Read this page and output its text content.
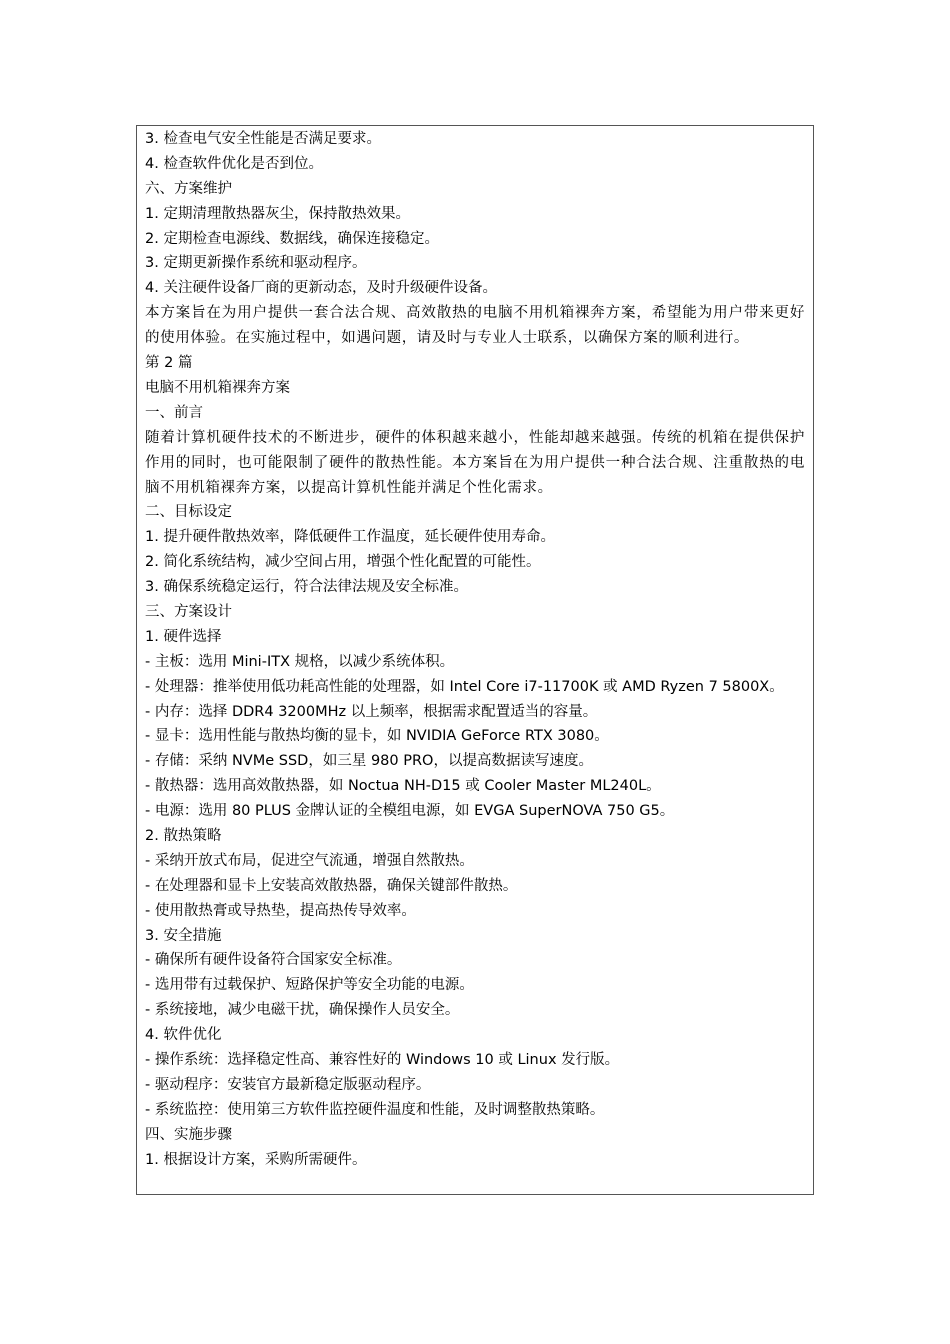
3. 检查电气安全性能是否满足要求。
4. 检查软件优化是否到位。
六、方案维护
1. 定期清理散热器灰尘，保持散热效果。
2. 定期检查电源线、数据线，确保连接稳定。
3. 定期更新操作系统和驱动程序。
4. 关注硬件设备厂商的更新动态，及时升级硬件设备。
本方案旨在为用户提供一套合法合规、高效散热的电脑不用机箱裸奔方案，希望能为用户带来更好的使用体验。在实施过程中，如遇问题，请及时与专业人士联系，以确保方案的顺利进行。
第 2 篇
电脑不用机箱裸奔方案
一、前言
随着计算机硬件技术的不断进步，硬件的体积越来越小，性能却越来越强。传统的机箱在提供保护作用的同时，也可能限制了硬件的散热性能。本方案旨在为用户提供一种合法合规、注重散热的电脑不用机箱裸奔方案，以提高计算机性能并满足个性化需求。
二、目标设定
1. 提升硬件散热效率，降低硬件工作温度，延长硬件使用寿命。
2. 简化系统结构，减少空间占用，增强个性化配置的可能性。
3. 确保系统稳定运行，符合法律法规及安全标准。
三、方案设计
1. 硬件选择
- 主板：选用 Mini-ITX 规格，以减少系统体积。
- 处理器：推举使用低功耗高性能的处理器，如 Intel Core i7-11700K 或 AMD Ryzen 7 5800X。
- 内存：选择 DDR4 3200MHz 以上频率，根据需求配置适当的容量。
- 显卡：选用性能与散热均衡的显卡，如 NVIDIA GeForce RTX 3080。
- 存储：采纳 NVMe SSD，如三星 980 PRO，以提高数据读写速度。
- 散热器：选用高效散热器，如 Noctua NH-D15 或 Cooler Master ML240L。
- 电源：选用 80 PLUS 金牌认证的全模组电源，如 EVGA SuperNOVA 750 G5。
2. 散热策略
- 采纳开放式布局，促进空气流通，增强自然散热。
- 在处理器和显卡上安装高效散热器，确保关键部件散热。
- 使用散热膏或导热垫，提高热传导效率。
3. 安全措施
- 确保所有硬件设备符合国家安全标准。
- 选用带有过载保护、短路保护等安全功能的电源。
- 系统接地，减少电磁干扰，确保操作人员安全。
4. 软件优化
- 操作系统：选择稳定性高、兼容性好的 Windows 10 或 Linux 发行版。
- 驱动程序：安装官方最新稳定版驱动程序。
- 系统监控：使用第三方软件监控硬件温度和性能，及时调整散热策略。
四、实施步骤
1. 根据设计方案，采购所需硬件。
